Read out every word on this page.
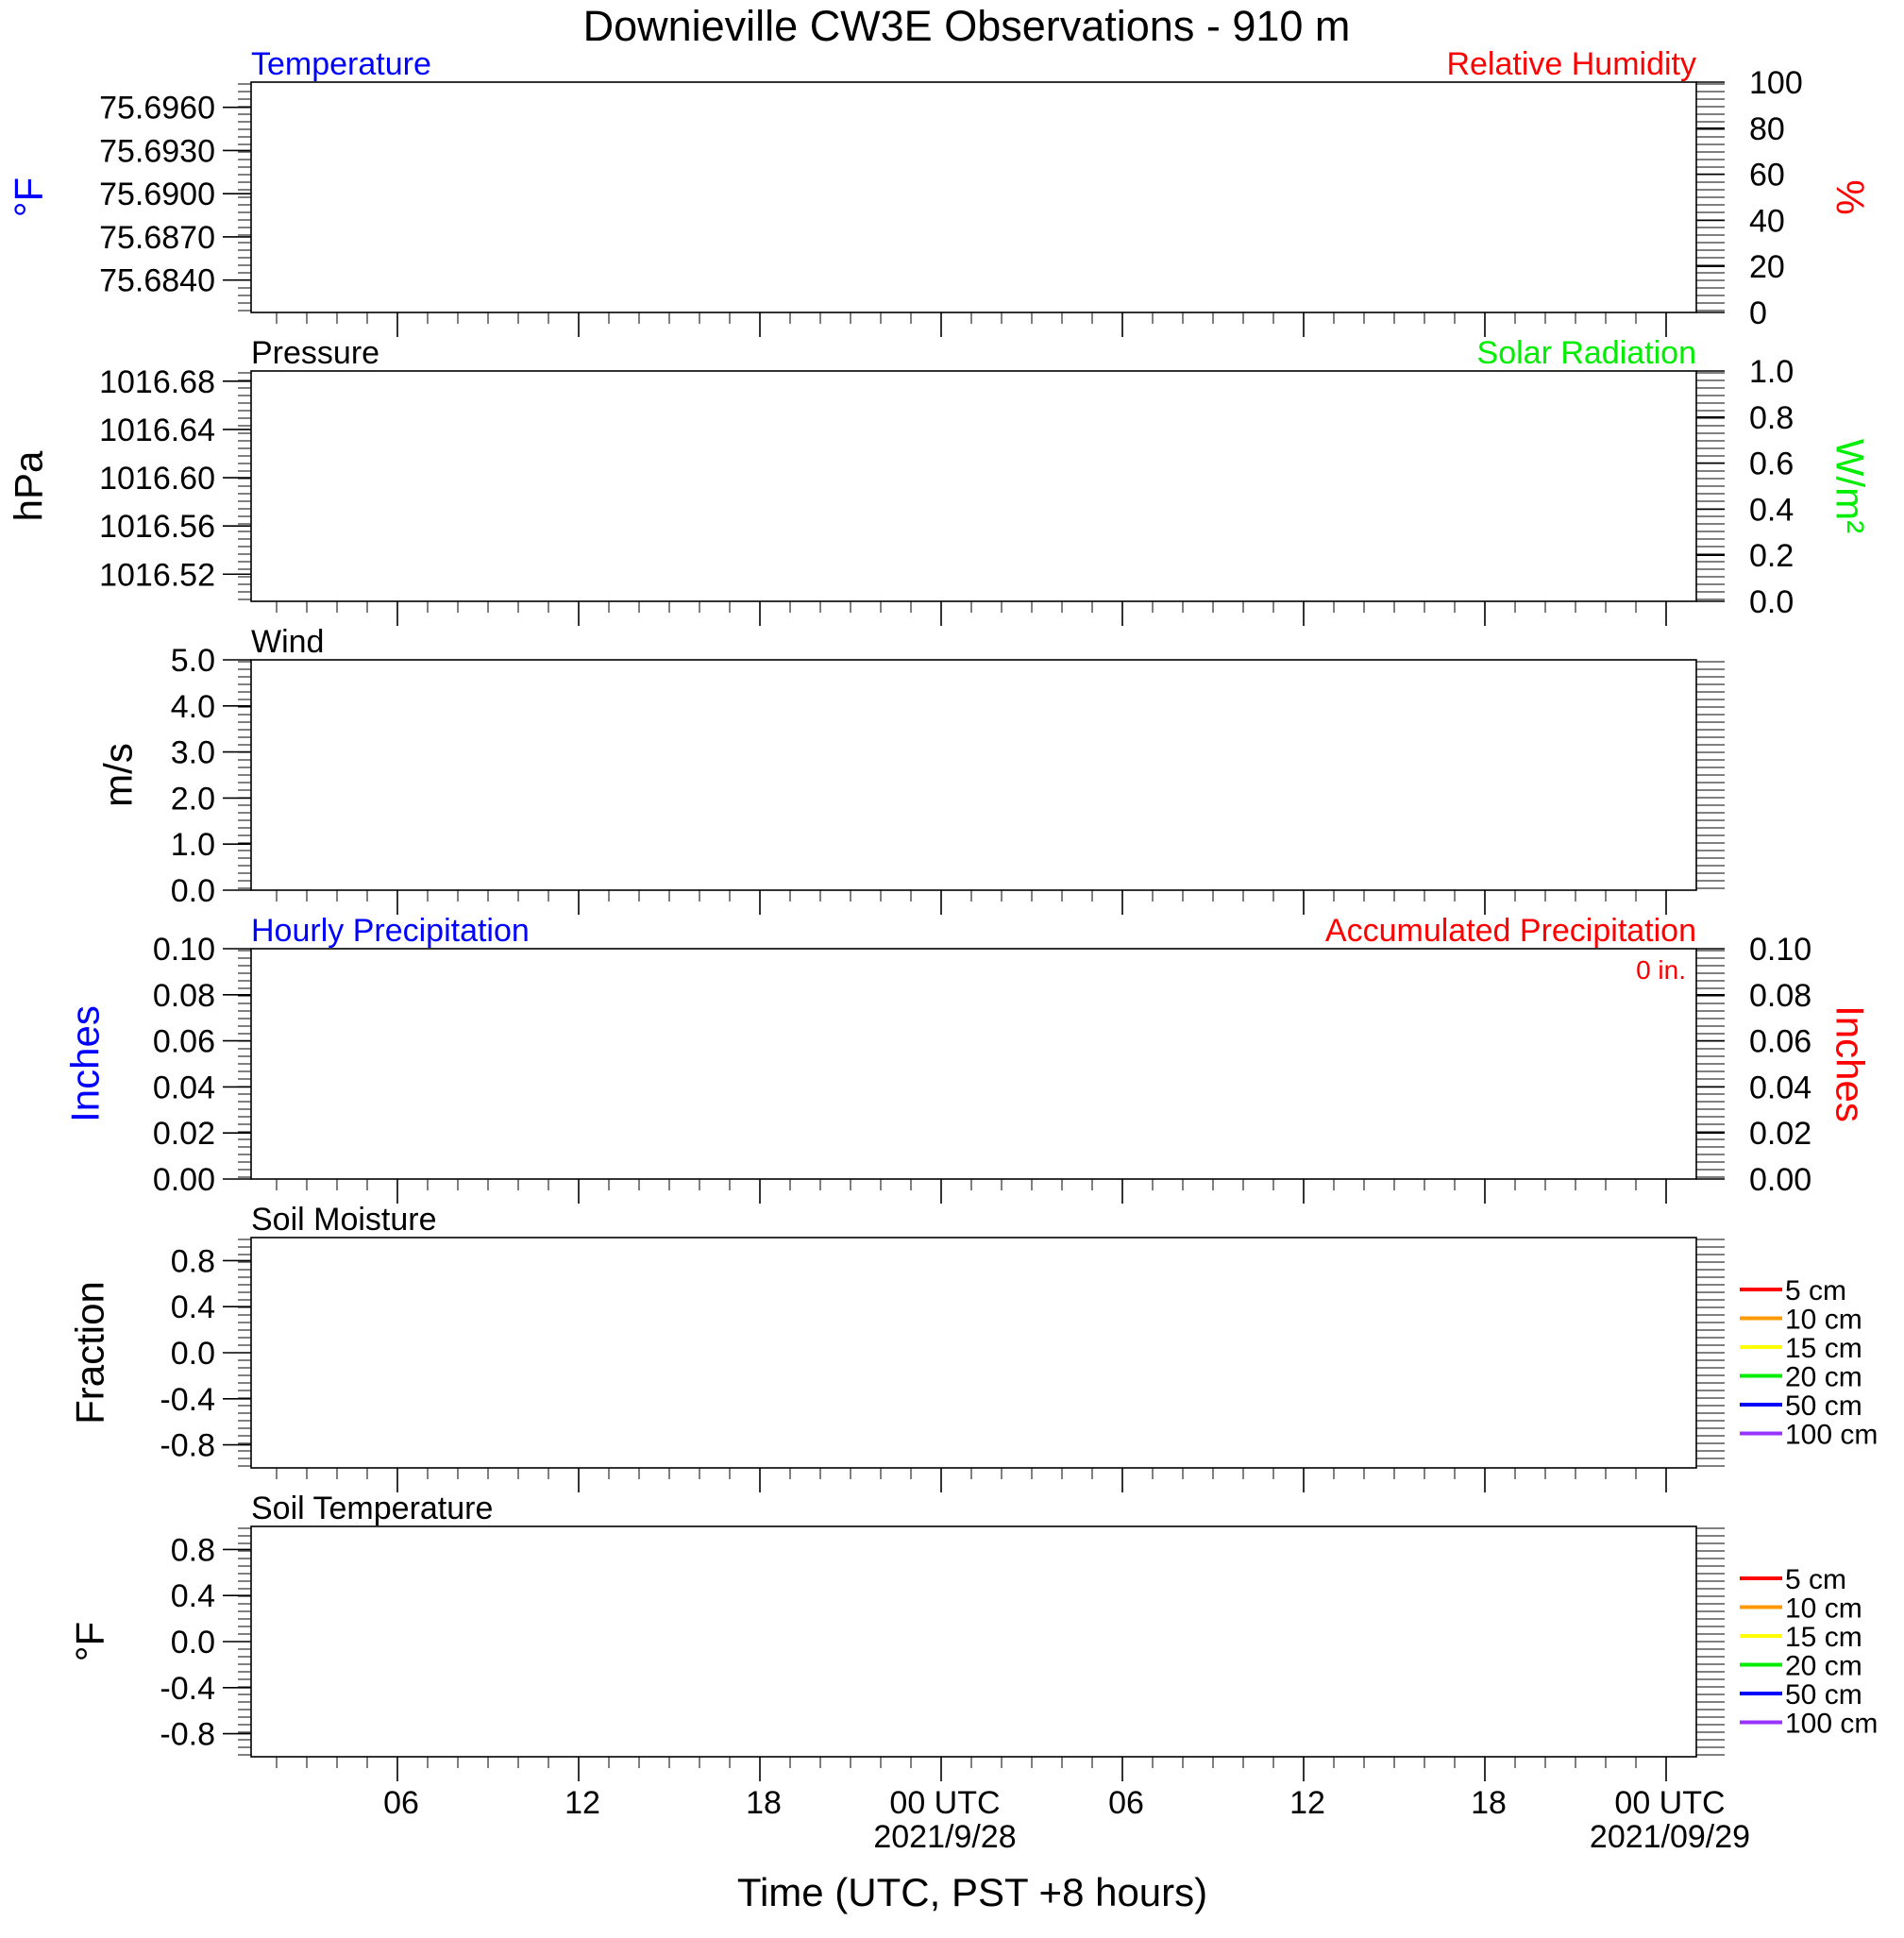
Downieville CW3E Observations - 910 m
75.6960
75.6930
75.6900
75.6870
75.6840
100
80
60
40
20
0
Temperature	Relative Humidity
°F	%
1016.68
1016.64
1016.60
1016.56
1016.52
1.0
0.8
0.6
0.4
0.2
0.0
Pressure	Solar Radiation
hPa	W/m²
5.0
4.0
3.0
2.0
1.0
0.0
Wind
m/s
0.10
0.08
0.06
0.04
0.02
0.00
0.10
0.08
0.06
0.04
0.02
0.00
Hourly Precipitation	Accumulated Precipitation
0 in.
Inches	Inches
0.8
0.4
0.0
-0.4
-0.8
Soil Moisture
Fraction	5 cm
10 cm
15 cm
20 cm
50 cm
100 cm
0.8
0.4
0.0
-0.4
-0.8
Soil Temperature
°F
5 cm
10 cm
15 cm
20 cm
50 cm
100 cm
06	12	18	00 UTC	06	12	18	00 UTC
2021/9/28	2021/09/29
Time (UTC, PST +8 hours)
